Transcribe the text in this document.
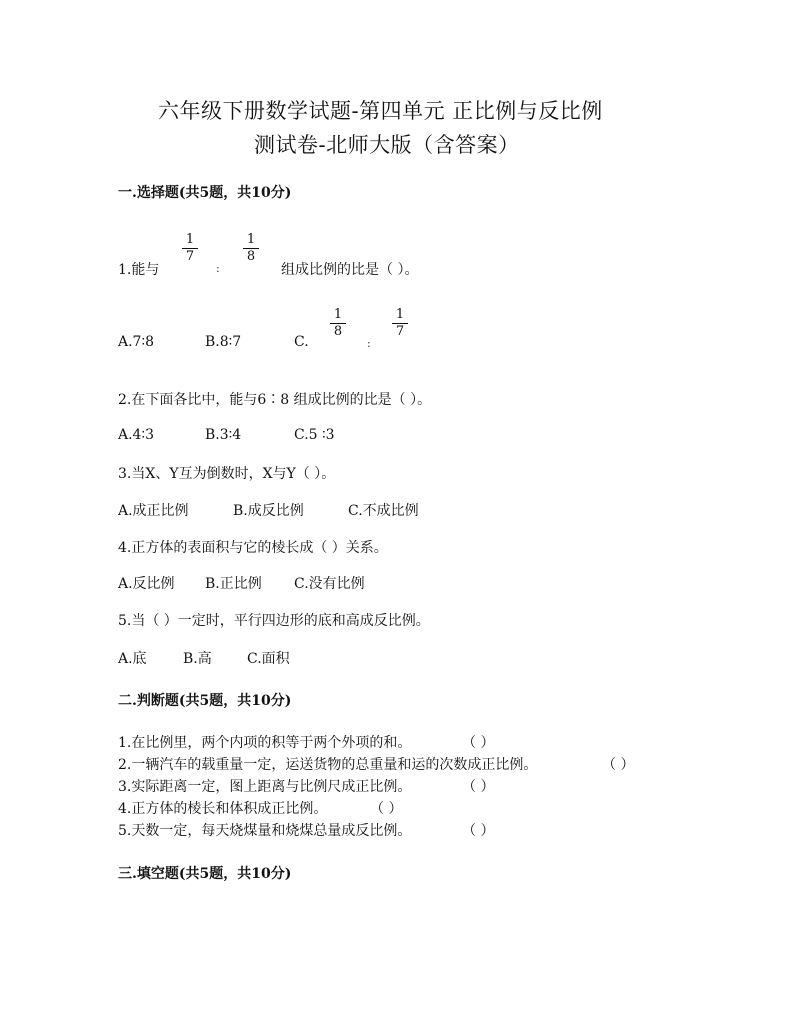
六年级下册数学试题-第四单元 正比例与反比例
测试卷-北师大版（含答案）
一.选择题(共5题，共10分)
1.能与
1
7
:
1
8
组成比例的比是（ ）。
A.7∶8	B.8∶7	C.
1
8
:
1
7
2.在下面各比中，能与6∶8 组成比例的比是（ ）。
A.4∶3	B.3∶4	C.5 ∶3
3.当X、Y互为倒数时，X与Y（ ）。
A.成正比例	B.成反比例	C.不成比例
4.正方体的表面积与它的棱长成（ ）关系。
A.反比例 B.正比例 C.没有比例
5.当（ ）一定时，平行四边形的底和高成反比例。
A.底	B.高	C.面积
二.判断题(共5题，共10分)
1.在比例里，两个内项的积等于两个外项的和。	（ ）
2.一辆汽车的载重量一定，运送货物的总重量和运的次数成正比例。	（ ）
3.实际距离一定，图上距离与比例尺成正比例。	（ ）
4.正方体的棱长和体积成正比例。	（ ）
5.天数一定，每天烧煤量和烧煤总量成反比例。	（ ）
三.填空题(共5题，共10分)
